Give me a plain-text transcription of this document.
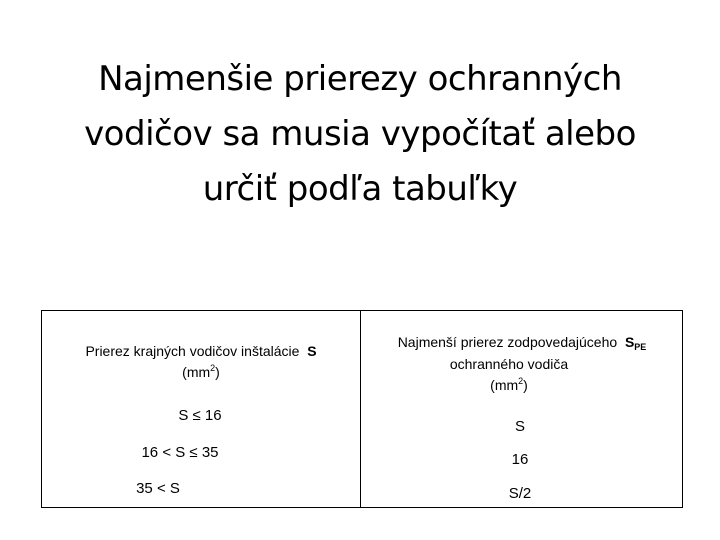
Najmenšie prierezy ochranných
vodičov sa musia vypočítať alebo
určiť podľa tabuľky
Prierez krajných vodičov inštalácie S
$(mm^2)$
Najmenší prierez zodpovedajúceho $S_{PE}$
ochranného vodiča
$(mm^2)$
S ≤ 16
S
16 < S ≤ 35	16
35 < S	S/2
